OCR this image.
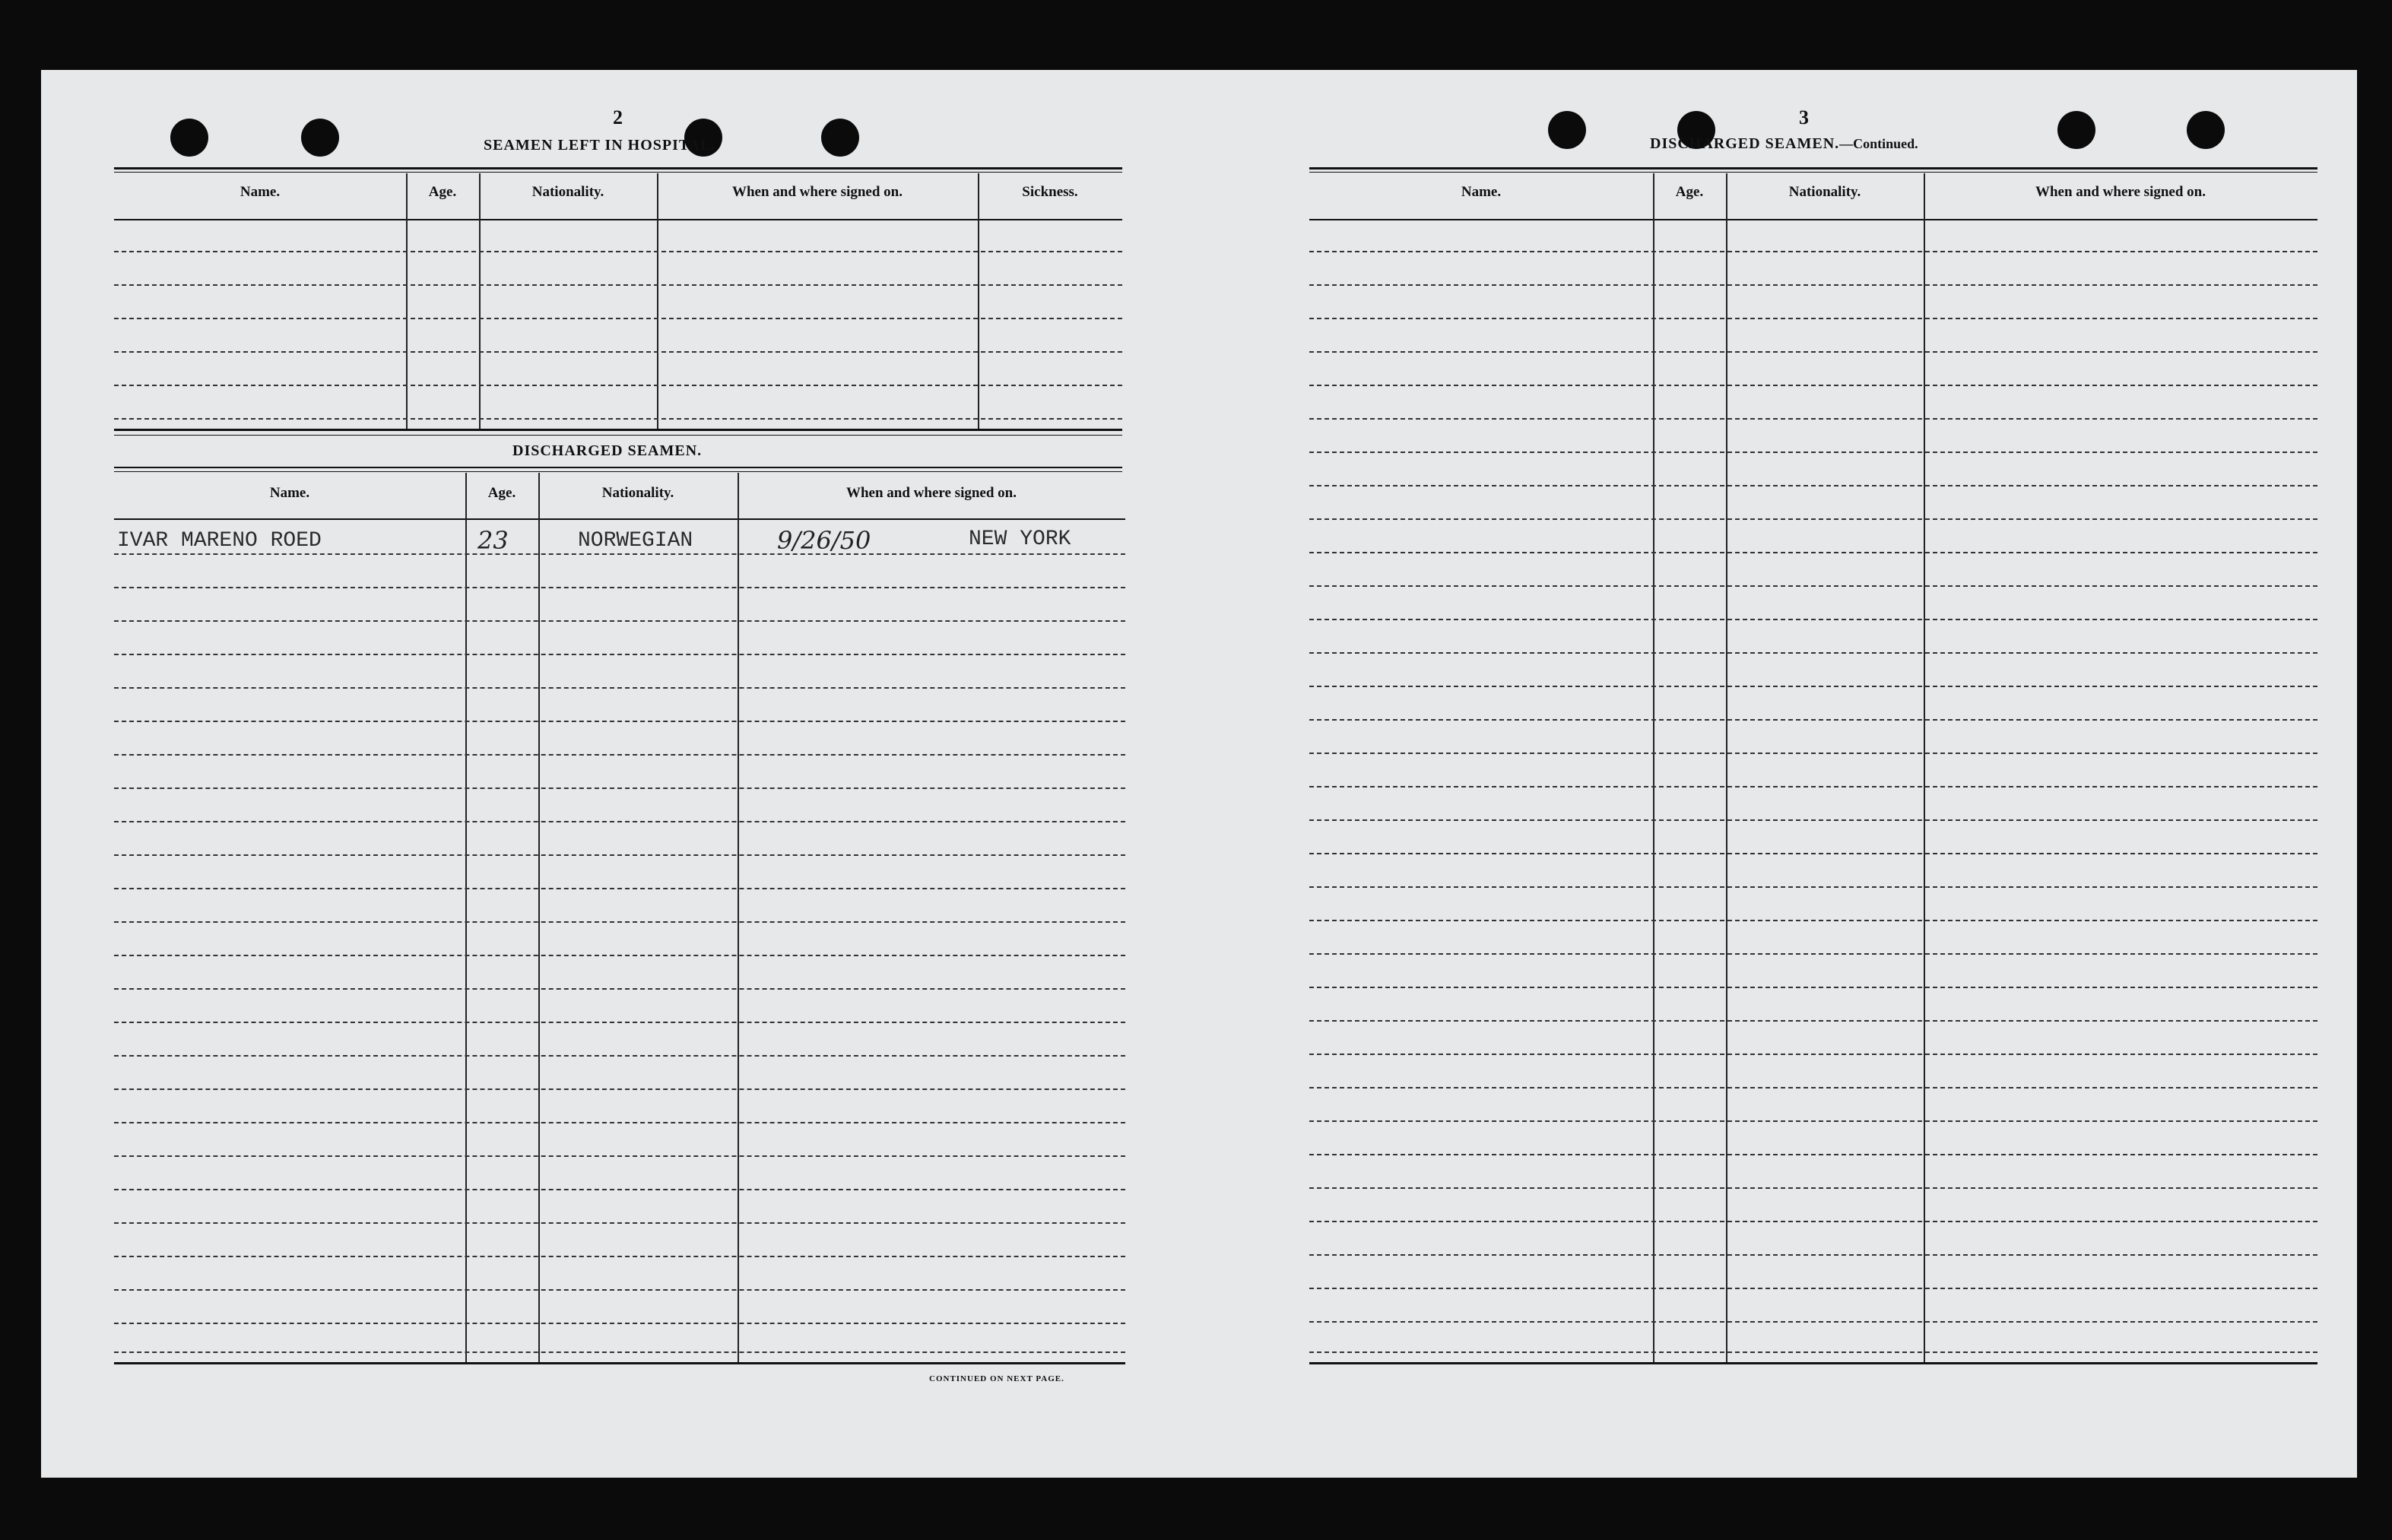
2
SEAMEN LEFT IN HOSPITAL.
Name.	Age.	Nationality.	When and where signed on.	Sickness.
DISCHARGED SEAMEN.
Name.	Age.	Nationality.	When and where signed on.
IVAR MARENO ROED	23	NORWEGIAN	9/26/50	NEW YORK
CONTINUED ON NEXT PAGE.
3
DISCHARGED SEAMEN.—Continued.
Name.	Age.	Nationality.	When and where signed on.
